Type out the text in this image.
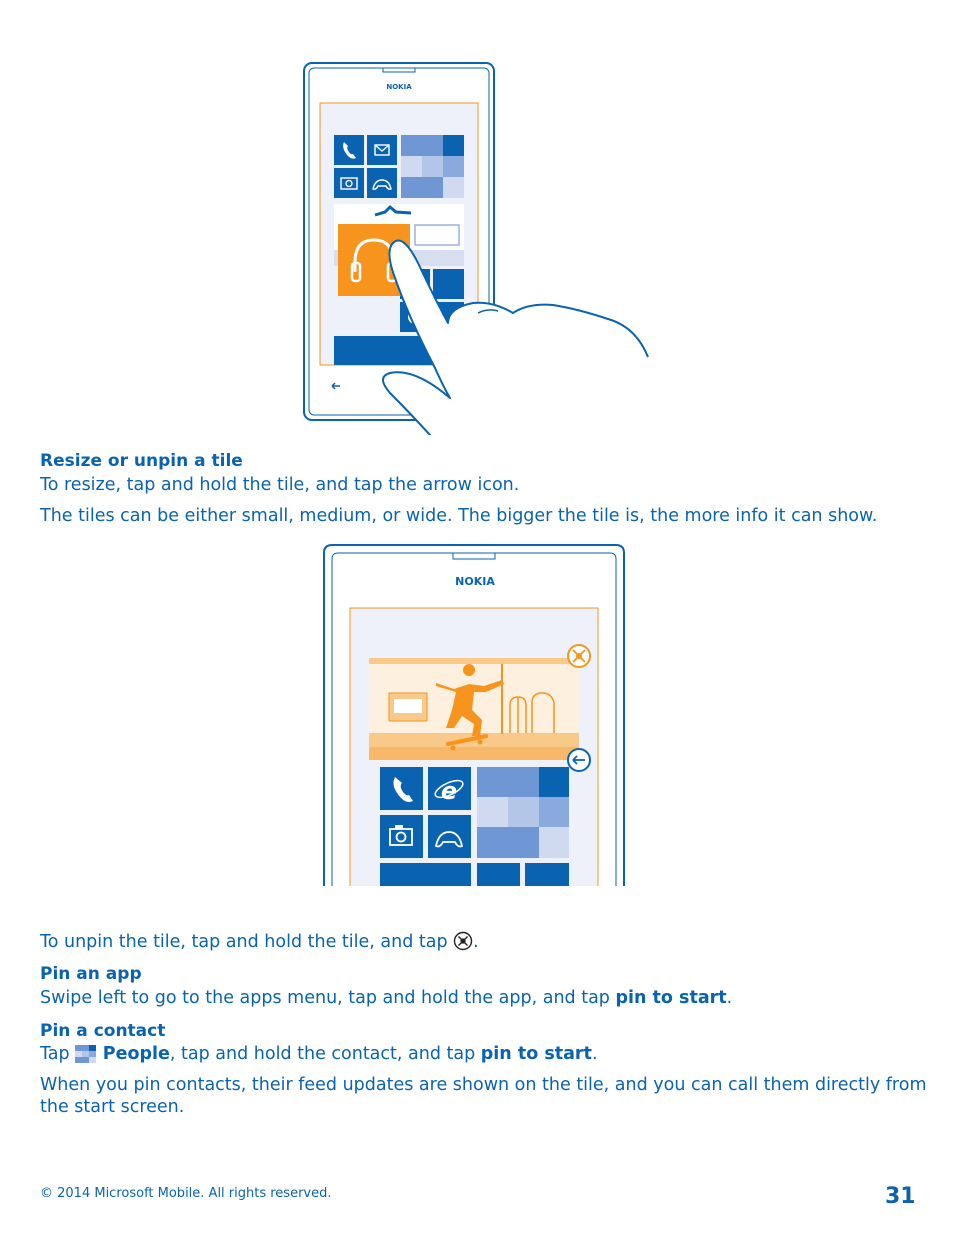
NOKIA
Resize or unpin a tile
To resize, tap and hold the tile, and tap the arrow icon.
The tiles can be either small, medium, or wide. The bigger the tile is, the more info it can show.
NOKIA
e
To unpin the tile, tap and hold the tile, and tap .
Pin an app
Swipe left to go to the apps menu, tap and hold the app, and tap pin to start.
Pin a contact
Tap People, tap and hold the contact, and tap pin to start.
When you pin contacts, their feed updates are shown on the tile, and you can call them directly from the start screen.
© 2014 Microsoft Mobile. All rights reserved.	31
